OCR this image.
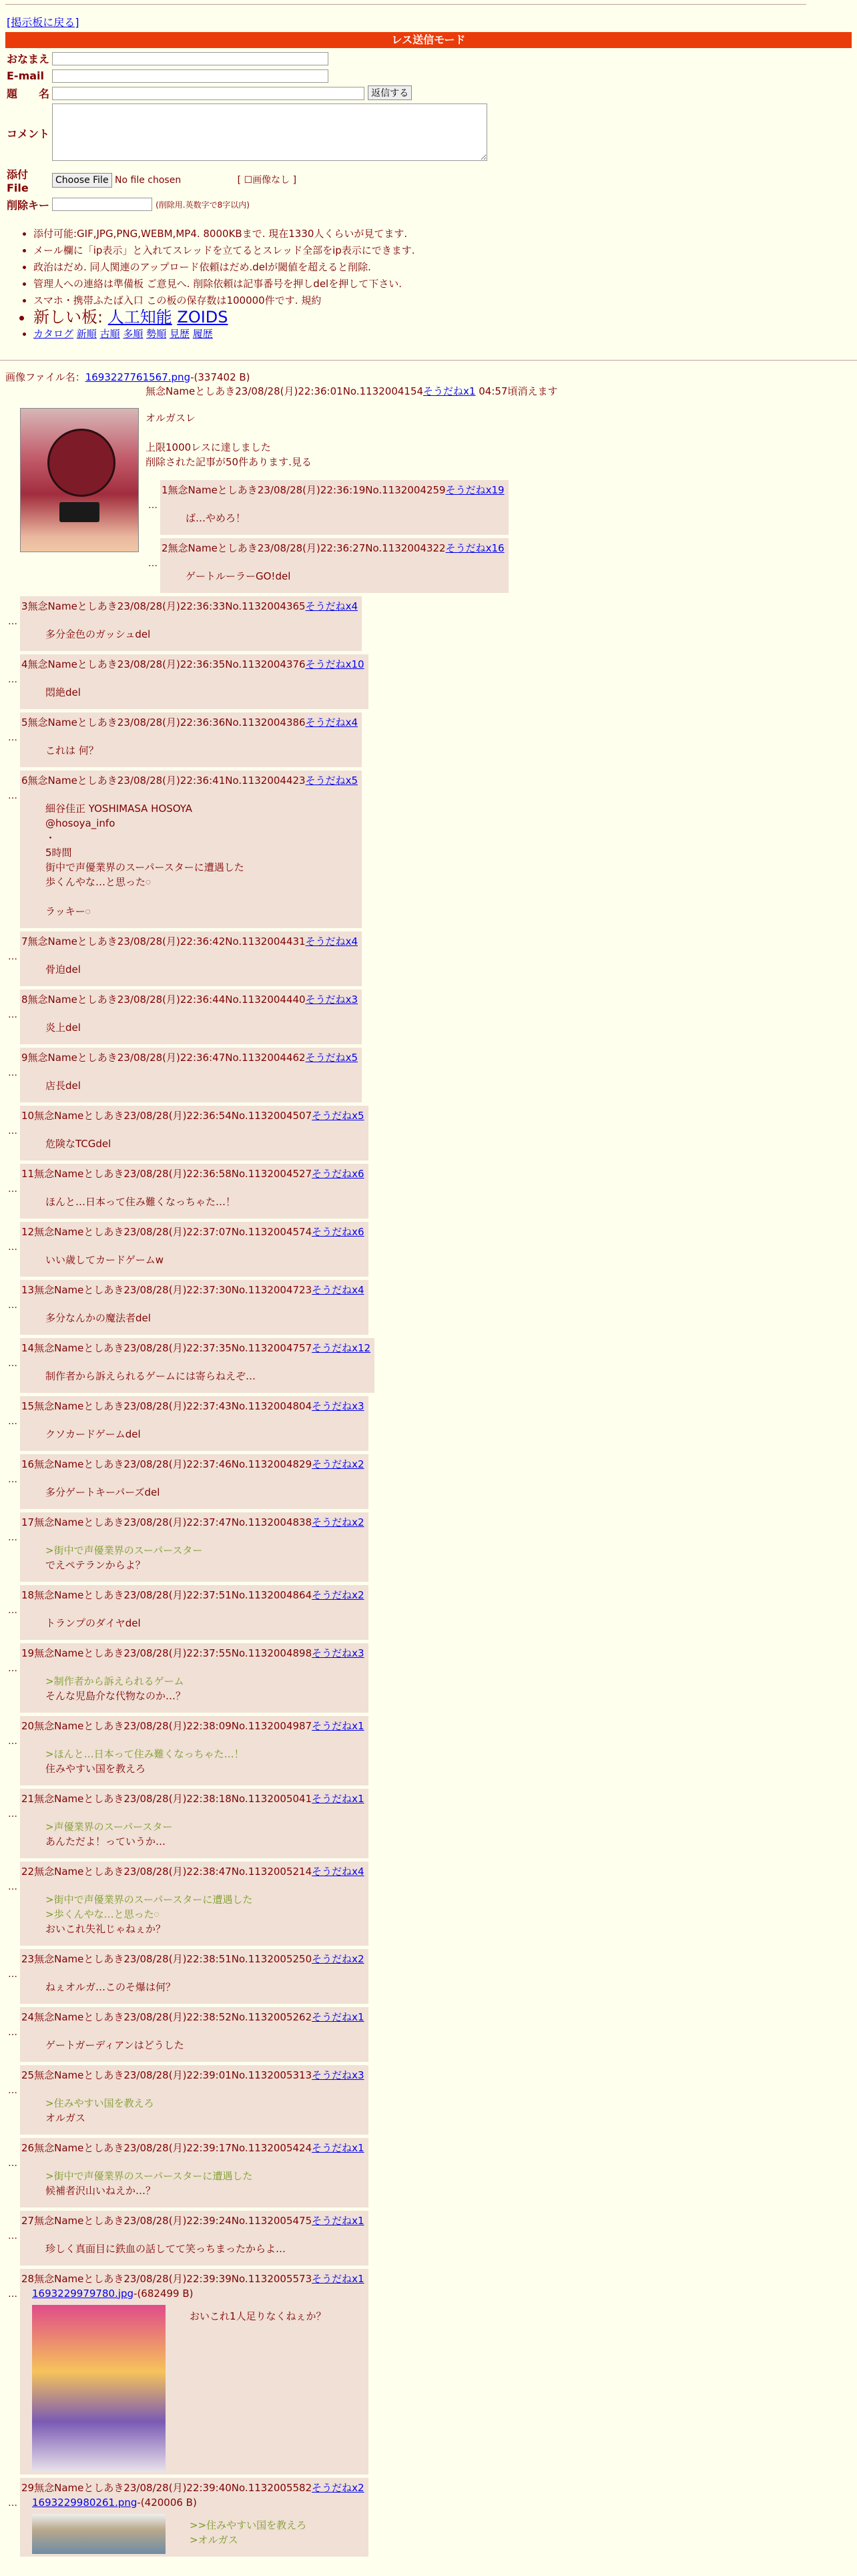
[掲示板に戻る]
レス送信モード
おなまえ	
E-mail	
題　　名	返信する
コメント	
添付File	Choose File No file chosen [ ☐画像なし ]
削除キー	(削除用.英数字で8字以内)
• 添付可能:GIF,JPG,PNG,WEBM,MP4. 8000KBまで. 現在1330人くらいが見てます.
• メール欄に「ip表示」と入れてスレッドを立てるとスレッド全部をip表示にできます.
• 政治はだめ. 同人関連のアップロード依頼はだめ.delが閾値を超えると削除.
• 管理人への連絡は準備板 ご意見へ. 削除依頼は記事番号を押しdelを押して下さい.
• スマホ・携帯ふたば入口 この板の保存数は100000件です. 規約
• 新しい板: 人工知能 ZOIDS
• カタログ 新順 古順 多順 勢順 見歴 履歴
画像ファイル名：1693227761567.png-(337402 B)
無念Nameとしあき23/08/28(月)22:36:01No.1132004154そうだねx1 04:57頃消えます
オルガスレ

上限1000レスに達しました
削除された記事が50件あります.見る
…
1無念Nameとしあき23/08/28(月)22:36:19No.1132004259そうだねx19
ば…やめろ！
…
2無念Nameとしあき23/08/28(月)22:36:27No.1132004322そうだねx16
ゲートルーラーGO!del
…
3無念Nameとしあき23/08/28(月)22:36:33No.1132004365そうだねx4
多分金色のガッシュdel
…
4無念Nameとしあき23/08/28(月)22:36:35No.1132004376そうだねx10
悶絶del
…
5無念Nameとしあき23/08/28(月)22:36:36No.1132004386そうだねx4
これは 何？
…
6無念Nameとしあき23/08/28(月)22:36:41No.1132004423そうだねx5
細谷佳正 YOSHIMASA HOSOYA
@hosoya_info
・
5時間
街中で声優業界のスーパースターに遭遇した
歩くんやな…と思った𓏸

ラッキー𓏸
…
7無念Nameとしあき23/08/28(月)22:36:42No.1132004431そうだねx4
骨迫del
…
8無念Nameとしあき23/08/28(月)22:36:44No.1132004440そうだねx3
炎上del
…
9無念Nameとしあき23/08/28(月)22:36:47No.1132004462そうだねx5
店長del
…
10無念Nameとしあき23/08/28(月)22:36:54No.1132004507そうだねx5
危険なTCGdel
…
11無念Nameとしあき23/08/28(月)22:36:58No.1132004527そうだねx6
ほんと…日本って住み難くなっちゃた…！
…
12無念Nameとしあき23/08/28(月)22:37:07No.1132004574そうだねx6
いい歳してカードゲームw
…
13無念Nameとしあき23/08/28(月)22:37:30No.1132004723そうだねx4
多分なんかの魔法者del
…
14無念Nameとしあき23/08/28(月)22:37:35No.1132004757そうだねx12
制作者から訴えられるゲームには寄らねえぞ…
…
15無念Nameとしあき23/08/28(月)22:37:43No.1132004804そうだねx3
クソカードゲームdel
…
16無念Nameとしあき23/08/28(月)22:37:46No.1132004829そうだねx2
多分ゲートキーパーズdel
…
17無念Nameとしあき23/08/28(月)22:37:47No.1132004838そうだねx2
>街中で声優業界のスーパースター
でえペテランからよ？
…
18無念Nameとしあき23/08/28(月)22:37:51No.1132004864そうだねx2
トランプのダイヤdel
…
19無念Nameとしあき23/08/28(月)22:37:55No.1132004898そうだねx3
>制作者から訴えられるゲーム
そんな児島介な代物なのか…？
…
20無念Nameとしあき23/08/28(月)22:38:09No.1132004987そうだねx1
>ほんと…日本って住み難くなっちゃた…！
住みやすい国を教えろ
…
21無念Nameとしあき23/08/28(月)22:38:18No.1132005041そうだねx1
>声優業界のスーパースター
あんただよ！っていうか…
…
22無念Nameとしあき23/08/28(月)22:38:47No.1132005214そうだねx4
>街中で声優業界のスーパースターに遭遇した
>歩くんやな…と思った𓏸
おいこれ失礼じゃねぇか？
…
23無念Nameとしあき23/08/28(月)22:38:51No.1132005250そうだねx2
ねぇオルガ…このそ爆は何？
…
24無念Nameとしあき23/08/28(月)22:38:52No.1132005262そうだねx1
ゲートガーディアンはどうした
…
25無念Nameとしあき23/08/28(月)22:39:01No.1132005313そうだねx3
>住みやすい国を教えろ
オルガス
…
26無念Nameとしあき23/08/28(月)22:39:17No.1132005424そうだねx1
>街中で声優業界のスーパースターに遭遇した
候補者沢山いねえか…？
…
27無念Nameとしあき23/08/28(月)22:39:24No.1132005475そうだねx1
珍しく真面目に鉄血の話してて笑っちまったからよ…
…
28無念Nameとしあき23/08/28(月)22:39:39No.1132005573そうだねx1
1693229979780.jpg-(682499 B)
おいこれ1人足りなくねぇか？
…
29無念Nameとしあき23/08/28(月)22:39:40No.1132005582そうだねx2
1693229980261.png-(420006 B)
>>住みやすい国を教えろ
>オルガス
